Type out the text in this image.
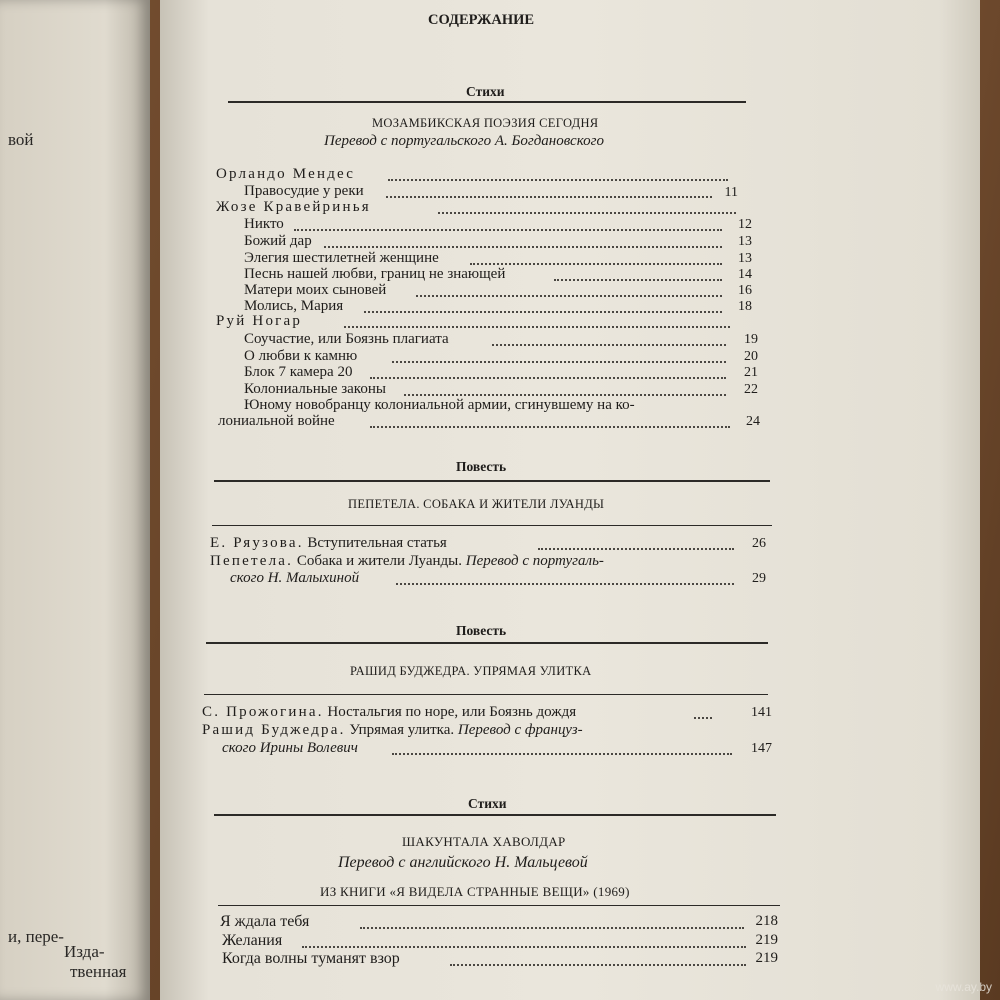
вой
и, пере-
Изда-
твенная
СОДЕРЖАНИЕ
Стихи
МОЗАМБИКСКАЯ ПОЭЗИЯ СЕГОДНЯ
Перевод с португальского А. Богдановского
Орландо Мендес
Правосудие у реки	11
Жозе Кравейринья
Никто	12
Божий дар	13
Элегия шестилетней женщине	13
Песнь нашей любви, границ не знающей	14
Матери моих сыновей	16
Молись, Мария	18
Руй Ногар
Соучастие, или Боязнь плагиата	19
О любви к камню	20
Блок 7 камера 20	21
Колониальные законы	22
Юному новобранцу колониальной армии, сгинувшему на ко-
лониальной войне	24
Повесть
ПЕПЕТЕЛА. СОБАКА И ЖИТЕЛИ ЛУАНДЫ
Е. Ряузова. Вступительная статья	26
Пепетела. Собака и жители Луанды. Перевод с португаль-
ского Н. Малыхиной	29
Повесть
РАШИД БУДЖЕДРА. УПРЯМАЯ УЛИТКА
С. Прожогина. Ностальгия по норе, или Боязнь дождя	141
Рашид Буджедра. Упрямая улитка. Перевод с француз-
ского Ирины Волевич	147
Стихи
ШАКУНТАЛА ХАВОЛДАР
Перевод с английского Н. Мальцевой
ИЗ КНИГИ «Я ВИДЕЛА СТРАННЫЕ ВЕЩИ» (1969)
Я ждала тебя	218
Желания	219
Когда волны туманят взор	219
www.ay.by
